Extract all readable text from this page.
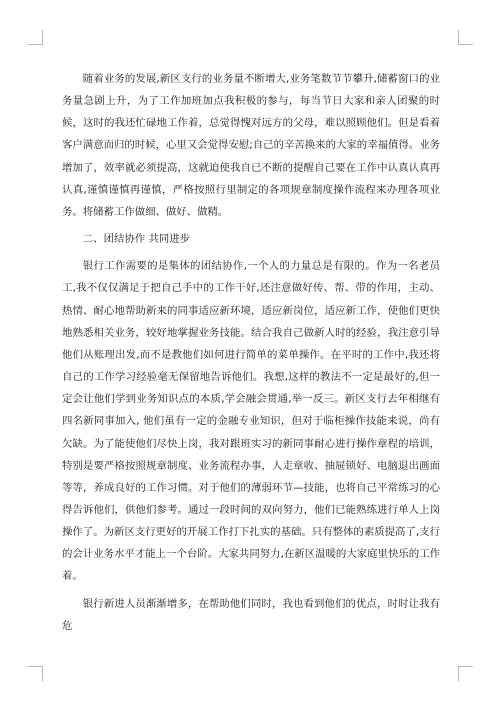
随着业务的发展,新区支行的业务量不断增大,业务笔数节节攀升,储蓄窗口的业务量急剧上升，为了工作加班加点我积极的参与，每当节日大家和亲人团聚的时候，这时的我还忙碌地工作着，总觉得愧对远方的父母，难以照顾他们。但是看着客户满意而归的时候，心里又会觉得安慰;自己的辛苦换来的大家的幸福值得。业务增加了，效率就必须提高，这就迫使我自已不断的提醒自己要在工作中认真认真再认真,谨慎谨慎再谨慎，严格按照行里制定的各项规章制度操作流程来办理各项业务。将储蓄工作做细、做好、做精。

二、团结协作 共同进步

银行工作需要的是集体的团结协作,一个人的力量总是有限的。作为一名老员工,我不仅仅满足于把自己手中的工作干好,还注意做好传、帮、带的作用，主动、热情、耐心地帮助新来的同事适应新环境，适应新岗位，适应新工作，使他们更快地熟悉相关业务，较好地掌握业务技能。结合我自己做新人时的经验，我注意引导他们从账理出发,而不是教他们如何进行简单的菜单操作。在平时的工作中,我还将自己的工作学习经验毫无保留地告诉他们。我想,这样的教法不一定是最好的,但一定会让他们学到业务知识点的本质,学会融会贯通,举一反三。新区支行去年相继有四名新同事加入, 他们虽有一定的金融专业知识，但对于临柜操作技能来说，尚有欠缺。为了能使他们尽快上岗，我对跟班实习的新同事耐心进行操作章程的培训，特别是要严格按照规章制度、业务流程办事，人走章收、抽屉锁好、电脑退出画面等等，养成良好的工作习惯。对于他们的薄弱环节—技能，也将自己平常练习的心得告诉他们，供他们参考。通过一段时间的双向努力，他们已能熟练进行单人上岗操作了。为新区支行更好的开展工作打下扎实的基础。只有整体的素质提高了,支行的会计业务水平才能上一个台阶。大家共同努力,在新区温暖的大家庭里快乐的工作着。

银行新进人员渐渐增多，在帮助他们同时，我也看到他们的优点，时时让我有危
